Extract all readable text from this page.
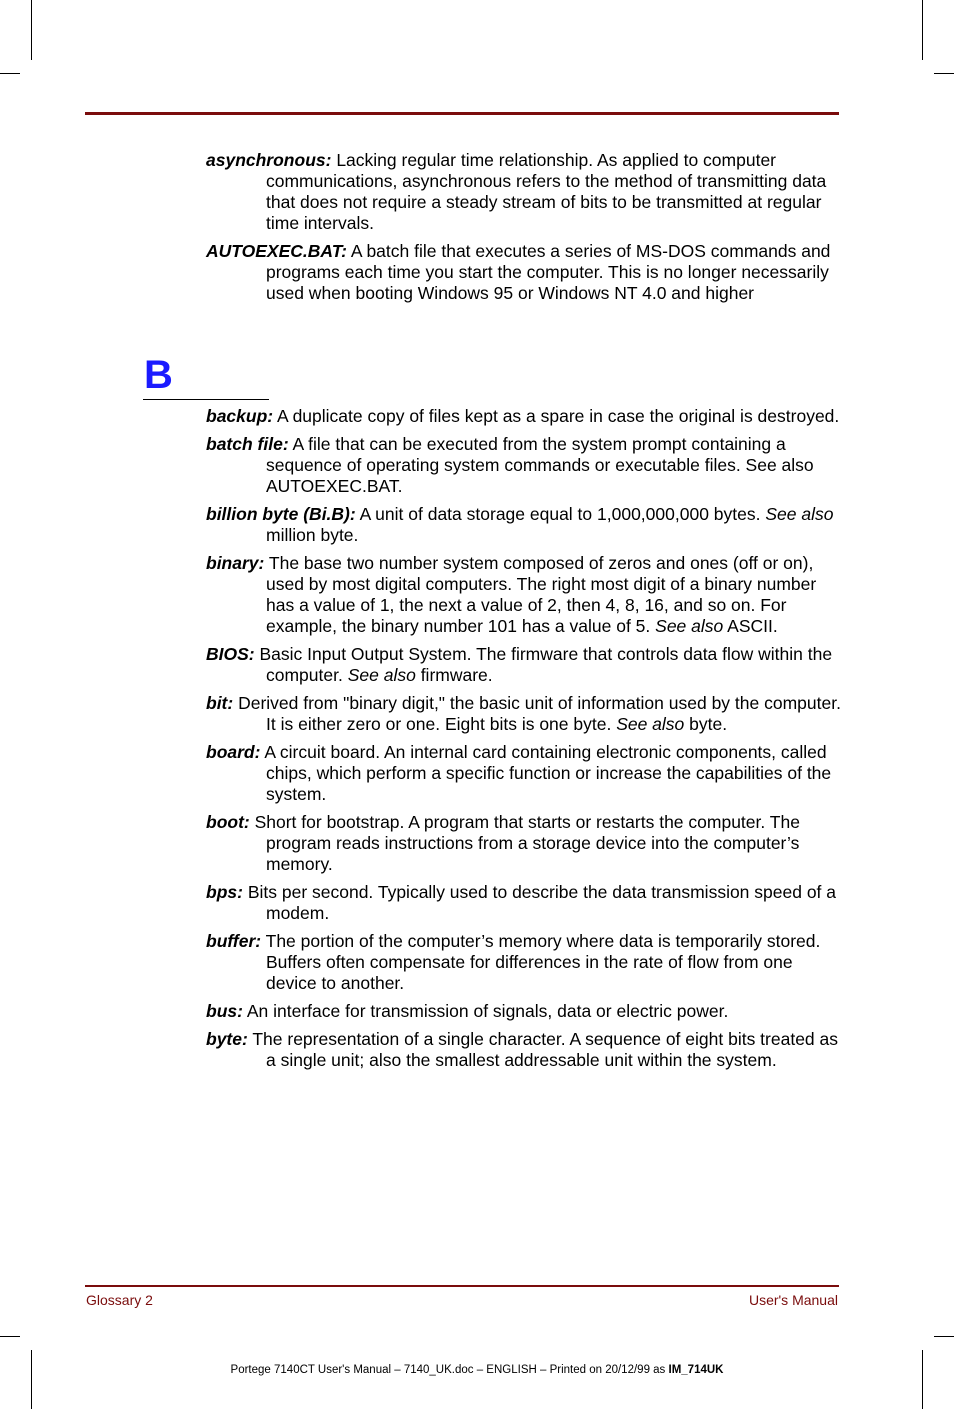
asynchronous: Lacking regular time relationship. As applied to computer communications, asynchronous refers to the method of transmitting data that does not require a steady stream of bits to be transmitted at regular time intervals.

AUTOEXEC.BAT: A batch file that executes a series of MS-DOS commands and programs each time you start the computer. This is no longer necessarily used when booting Windows 95 or Windows NT 4.0 and higher

B

backup: A duplicate copy of files kept as a spare in case the original is destroyed.

batch file: A file that can be executed from the system prompt containing a sequence of operating system commands or executable files. See also AUTOEXEC.BAT.

billion byte (Bi.B): A unit of data storage equal to 1,000,000,000 bytes. See also million byte.

binary: The base two number system composed of zeros and ones (off or on), used by most digital computers. The right most digit of a binary number has a value of 1, the next a value of 2, then 4, 8, 16, and so on. For example, the binary number 101 has a value of 5. See also ASCII.

BIOS: Basic Input Output System. The firmware that controls data flow within the computer. See also firmware.

bit: Derived from "binary digit," the basic unit of information used by the computer. It is either zero or one. Eight bits is one byte. See also byte.

board: A circuit board. An internal card containing electronic components, called chips, which perform a specific function or increase the capabilities of the system.

boot: Short for bootstrap. A program that starts or restarts the computer. The program reads instructions from a storage device into the computer’s memory.

bps: Bits per second. Typically used to describe the data transmission speed of a modem.

buffer: The portion of the computer’s memory where data is temporarily stored. Buffers often compensate for differences in the rate of flow from one device to another.

bus: An interface for transmission of signals, data or electric power.

byte: The representation of a single character. A sequence of eight bits treated as a single unit; also the smallest addressable unit within the system.

Glossary 2	User's Manual
Portege 7140CT User's Manual – 7140_UK.doc – ENGLISH – Printed on 20/12/99 as IM_714UK
